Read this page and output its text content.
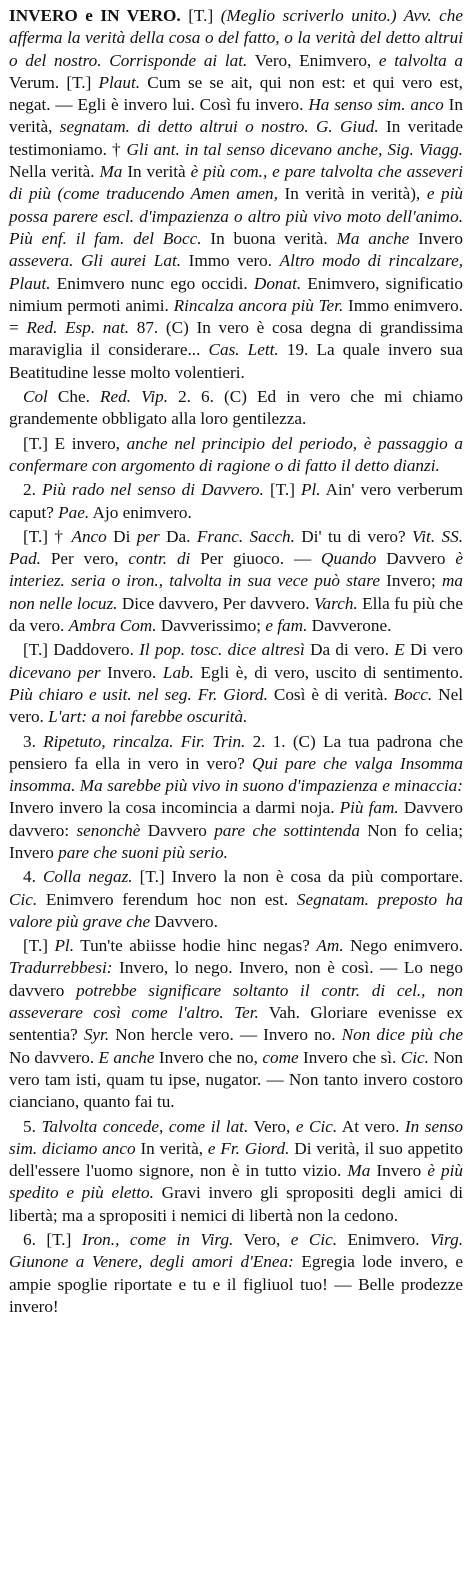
INVERO e IN VERO. [T.] (Meglio scriverlo unito.) Avv. che afferma la verità della cosa o del fatto, o la verità del detto altrui o del nostro. Corrisponde ai lat. Vero, Enimvero, e talvolta a Verum. [T.] Plaut. Cum se se ait, qui non est: et qui vero est, negat. — Egli è invero lui. Così fu invero. Ha senso sim. anco In verità, segnatam. di detto altrui o nostro. G. Giud. In veritade testimoniamo. † Gli ant. in tal senso dicevano anche, Sig. Viagg. Nella verità. Ma In verità è più com., e pare talvolta che asseveri di più (come traducendo Amen amen, In verità in verità), e più possa parere escl. d'impazienza o altro più vivo moto dell'animo. Più enf. il fam. del Bocc. In buona verità. Ma anche Invero assevera. Gli aurei Lat. Immo vero. Altro modo di rincalzare, Plaut. Enimvero nunc ego occidi. Donat. Enimvero, significatio nimium permoti animi. Rincalza ancora più Ter. Immo enimvero. = Red. Esp. nat. 87. (C) In vero è cosa degna di grandissima maraviglia il considerare... Cas. Lett. 19. La quale invero sua Beatitudine lesse molto volentieri.

Col Che. Red. Vip. 2. 6. (C) Ed in vero che mi chiamo grandemente obbligato alla loro gentilezza.

[T.] E invero, anche nel principio del periodo, è passaggio a confermare con argomento di ragione o di fatto il detto dianzi.

2. Più rado nel senso di Davvero. [T.] Pl. Ain' vero verberum caput? Pae. Ajo enimvero.

[T.] † Anco Di per Da. Franc. Sacch. Di' tu di vero? Vit. SS. Pad. Per vero, contr. di Per giuoco. — Quando Davvero è interiez. seria o iron., talvolta in sua vece può stare Invero; ma non nelle locuz. Dice davvero, Per davvero. Varch. Ella fu più che da vero. Ambra Com. Davverissimo; e fam. Davverone.

[T.] Daddovero. Il pop. tosc. dice altresì Da di vero. E Di vero dicevano per Invero. Lab. Egli è, di vero, uscito di sentimento. Più chiaro e usit. nel seg. Fr. Giord. Così è di verità. Bocc. Nel vero. L'art: a noi farebbe oscurità.

3. Ripetuto, rincalza. Fir. Trin. 2. 1. (C) La tua padrona che pensiero fa ella in vero in vero? Qui pare che valga Insomma insomma. Ma sarebbe più vivo in suono d'impazienza e minaccia: Invero invero la cosa incomincia a darmi noja. Più fam. Davvero davvero: senonchè Davvero pare che sottintenda Non fo celia; Invero pare che suoni più serio.

4. Colla negaz. [T.] Invero la non è cosa da più comportare. Cic. Enimvero ferendum hoc non est. Segnatam. preposto ha valore più grave che Davvero.

[T.] Pl. Tun'te abiisse hodie hinc negas? Am. Nego enimvero. Tradurrebbesi: Invero, lo nego. Invero, non è così. — Lo nego davvero potrebbe significare soltanto il contr. di cel., non asseverare così come l'altro. Ter. Vah. Gloriare evenisse ex sententia? Syr. Non hercle vero. — Invero no. Non dice più che No davvero. E anche Invero che no, come Invero che sì. Cic. Non vero tam isti, quam tu ipse, nugator. — Non tanto invero costoro cianciano, quanto fai tu.

5. Talvolta concede, come il lat. Vero, e Cic. At vero. In senso sim. diciamo anco In verità, e Fr. Giord. Di verità, il suo appetito dell'essere l'uomo signore, non è in tutto vizio. Ma Invero è più spedito e più eletto. Gravi invero gli spropositi degli amici di libertà; ma a spropositi i nemici di libertà non la cedono.

6. [T.] Iron., come in Virg. Vero, e Cic. Enimvero. Virg. Giunone a Venere, degli amori d'Enea: Egregia lode invero, e ampie spoglie riportate e tu e il figliuol tuo! — Belle prodezze invero!
